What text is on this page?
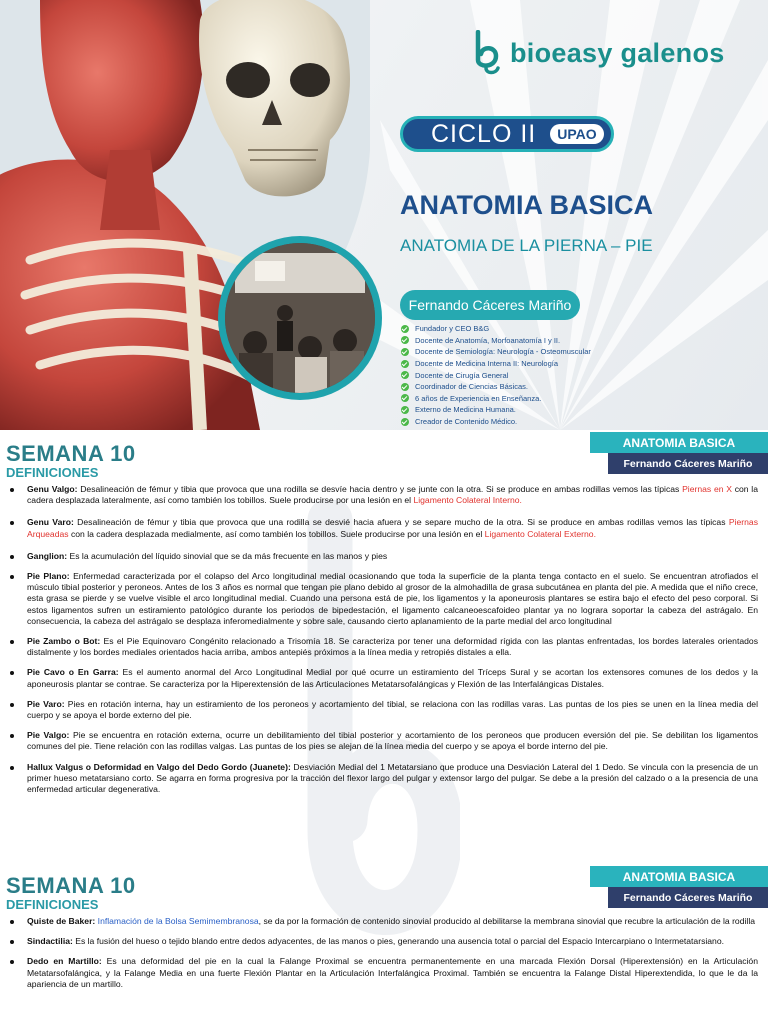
bioeasy galenos
CICLO II	UPAO
ANATOMIA BASICA
ANATOMIA DE LA PIERNA – PIE
Fernando Cáceres Mariño
Fundador y CEO B&G
Docente de Anatomía, Morfoanatomía I y II.
Docente de Semiología: Neurología - Osteomuscular
Docente de Medicina Interna II: Neurología
Docente de Cirugía General
Coordinador de Ciencias Básicas.
6 años de Experiencia en Enseñanza.
Externo de Medicina Humana.
Creador de Contenido Médico.
SEMANA 10
DEFINICIONES
ANATOMIA BASICA
Fernando Cáceres Mariño
Genu Valgo: Desalineación de fémur y tibia que provoca que una rodilla se desvíe hacia dentro y se junte con la otra. Si se produce en ambas rodillas vemos las típicas Piernas en X con la cadera desplazada lateralmente, así como también los tobillos. Suele producirse por una lesión en el Ligamento Colateral Interno.
Genu Varo: Desalineación de fémur y tibia que provoca que una rodilla se desvié hacia afuera y se separe mucho de la otra. Si se produce en ambas rodillas vemos las típicas Piernas Arqueadas con la cadera desplazada medialmente, así como también los tobillos. Suele producirse por una lesión en el Ligamento Colateral Externo.
Ganglion: Es la acumulación del líquido sinovial que se da más frecuente en las manos y pies
Pie Plano: Enfermedad caracterizada por el colapso del Arco longitudinal medial ocasionando que toda la superficie de la planta tenga contacto en el suelo. Se encuentran atrofiados el músculo tibial posterior y peroneos. Antes de los 3 años es normal que tengan pie plano debido al grosor de la almohadilla de grasa subcutánea en planta del pie. A medida que el niño crece, esta grasa se pierde y se vuelve visible el arco longitudinal medial. Cuando una persona está de pie, los ligamentos y la aponeurosis plantares se estira bajo el efecto del peso corporal. Si estos ligamentos sufren un estiramiento patológico durante los periodos de bipedestación, el ligamento calcaneoescafoideo plantar ya no lograra soportar la cabeza del astrágalo. En consecuencia, la cabeza del astrágalo se desplaza inferomedialmente y sobre sale, causando cierto aplanamiento de la parte medial del arco longitudinal
Pie Zambo o Bot: Es el Pie Equinovaro Congénito relacionado a Trisomía 18. Se caracteriza por tener una deformidad rígida con las plantas enfrentadas, los bordes laterales orientados distalmente y los bordes mediales orientados hacia arriba, ambos antepiés próximos a la línea media y retropiés distales a ella.
Pie Cavo o En Garra: Es el aumento anormal del Arco Longitudinal Medial por qué ocurre un estiramiento del Tríceps Sural y se acortan los extensores comunes de los dedos y la aponeurosis plantar se contrae. Se caracteriza por la Hiperextensión de las Articulaciones Metatarsofalángicas y Flexión de las Interfalángicas Distales.
Pie Varo: Pies en rotación interna, hay un estiramiento de los peroneos y acortamiento del tibial, se relaciona con las rodillas varas. Las puntas de los pies se unen en la línea media del cuerpo y se apoya el borde externo del pie.
Pie Valgo: Pie se encuentra en rotación externa, ocurre un debilitamiento del tibial posterior y acortamiento de los peroneos que producen eversión del pie. Se debilitan los ligamentos comunes del pie. Tiene relación con las rodillas valgas. Las puntas de los pies se alejan de la línea media del cuerpo y se apoya el borde interno del pie.
Hallux Valgus o Deformidad en Valgo del Dedo Gordo (Juanete): Desviación Medial del 1 Metatarsiano que produce una Desviación Lateral del 1 Dedo. Se vincula con la presencia de un primer hueso metatarsiano corto. Se agarra en forma progresiva por la tracción del flexor largo del pulgar y extensor largo del pulgar. Se debe a la presión del calzado o a la presencia de una enfermedad articular degenerativa.
SEMANA 10
DEFINICIONES
ANATOMIA BASICA
Fernando Cáceres Mariño
Quiste de Baker: Inflamación de la Bolsa Semimembranosa, se da por la formación de contenido sinovial producido al debilitarse la membrana sinovial que recubre la articulación de la rodilla
Sindactilia: Es la fusión del hueso o tejido blando entre dedos adyacentes, de las manos o pies, generando una ausencia total o parcial del Espacio Intercarpiano o Intermetatarsiano.
Dedo en Martillo: Es una deformidad del pie en la cual la Falange Proximal se encuentra permanentemente en una marcada Flexión Dorsal (Hiperextensión) en la Articulación Metatarsofalángica, y la Falange Media en una fuerte Flexión Plantar en la Articulación Interfalángica Proximal. También se encuentra la Falange Distal Hiperextendida, lo que le da la apariencia de un martillo.
